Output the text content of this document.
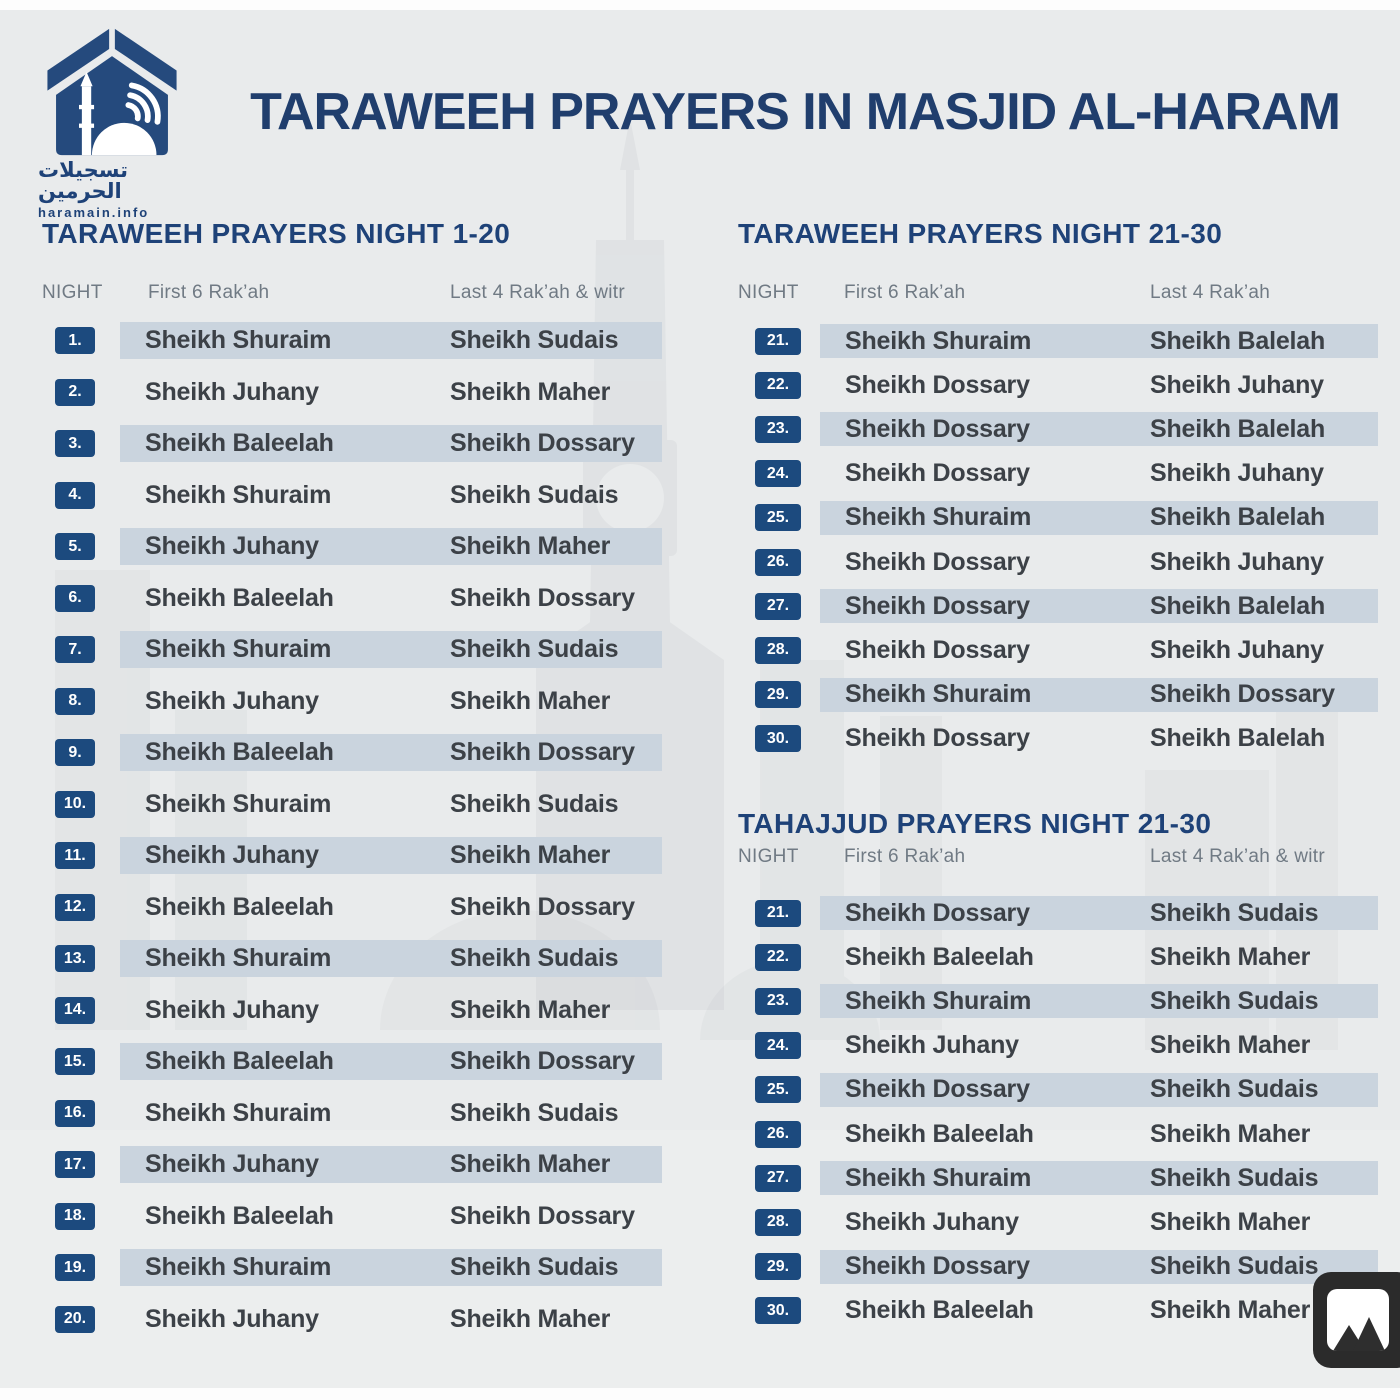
تسجيلات الحرمين
haramain.info
TARAWEEH PRAYERS IN MASJID AL-HARAM
TARAWEEH PRAYERS NIGHT 1-20
NIGHT First 6 Rak’ah	Last 4 Rak’ah & witr
1.	Sheikh Shuraim	Sheikh Sudais
2.	Sheikh Juhany	Sheikh Maher
3.	Sheikh Baleelah	Sheikh Dossary
4.	Sheikh Shuraim	Sheikh Sudais
5.	Sheikh Juhany	Sheikh Maher
6.	Sheikh Baleelah	Sheikh Dossary
7.	Sheikh Shuraim	Sheikh Sudais
8.	Sheikh Juhany	Sheikh Maher
9.	Sheikh Baleelah	Sheikh Dossary
10.	Sheikh Shuraim	Sheikh Sudais
11.	Sheikh Juhany	Sheikh Maher
12.	Sheikh Baleelah	Sheikh Dossary
13.	Sheikh Shuraim	Sheikh Sudais
14.	Sheikh Juhany	Sheikh Maher
15.	Sheikh Baleelah	Sheikh Dossary
16.	Sheikh Shuraim	Sheikh Sudais
17.	Sheikh Juhany	Sheikh Maher
18.	Sheikh Baleelah	Sheikh Dossary
19.	Sheikh Shuraim	Sheikh Sudais
20.	Sheikh Juhany	Sheikh Maher
TARAWEEH PRAYERS NIGHT 21-30
NIGHT First 6 Rak’ah	Last 4 Rak’ah
21.	Sheikh Shuraim	Sheikh Balelah
22.	Sheikh Dossary	Sheikh Juhany
23.	Sheikh Dossary	Sheikh Balelah
24.	Sheikh Dossary	Sheikh Juhany
25.	Sheikh Shuraim	Sheikh Balelah
26.	Sheikh Dossary	Sheikh Juhany
27.	Sheikh Dossary	Sheikh Balelah
28.	Sheikh Dossary	Sheikh Juhany
29.	Sheikh Shuraim	Sheikh Dossary
30.	Sheikh Dossary	Sheikh Balelah
TAHAJJUD PRAYERS NIGHT 21-30
NIGHT First 6 Rak’ah	Last 4 Rak’ah & witr
21.	Sheikh Dossary	Sheikh Sudais
22.	Sheikh Baleelah	Sheikh Maher
23.	Sheikh Shuraim	Sheikh Sudais
24.	Sheikh Juhany	Sheikh Maher
25.	Sheikh Dossary	Sheikh Sudais
26.	Sheikh Baleelah	Sheikh Maher
27.	Sheikh Shuraim	Sheikh Sudais
28.	Sheikh Juhany	Sheikh Maher
29.	Sheikh Dossary	Sheikh Sudais
30.	Sheikh Baleelah	Sheikh Maher
